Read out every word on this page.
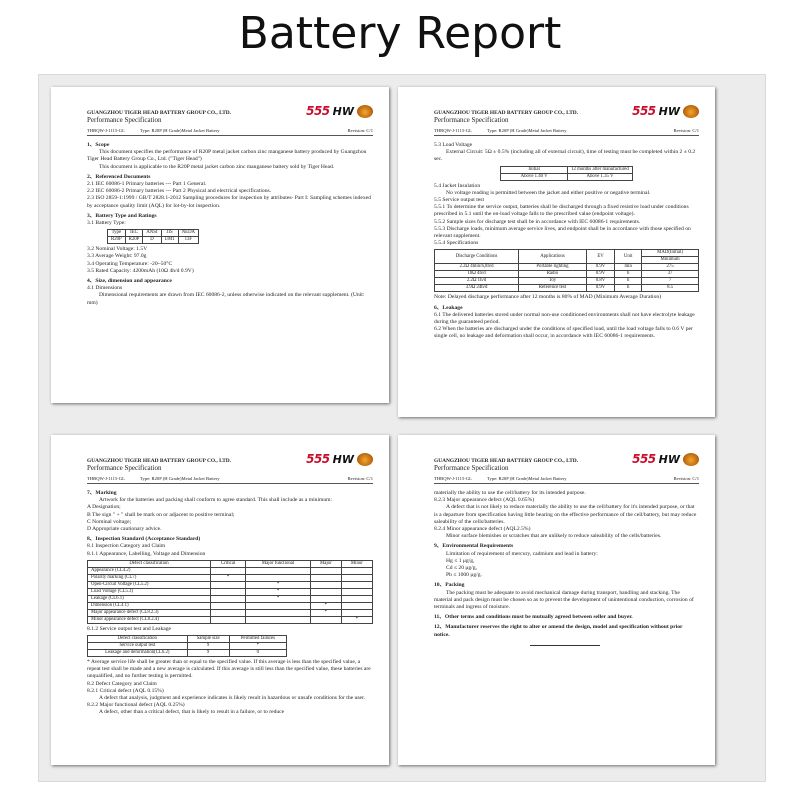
Battery Report
GUANGZHOU TIGER HEAD BATTERY GROUP CO., LTD.
Performance Specification
THBQW-J-1115-GL	Type: R20P (H Grade)Metal Jacket Battery	Revision: C/1
555 HW

1、Scope

This document specifies the performance of R20P metal jacket carbon zinc manganese battery produced by Guangzhou Tiger Head Battery Group Co., Ltd. ("Tiger Head")

This document is applicable to the R20P metal jacket carbon zinc manganese battery sold by Tiger Head.

2、Referenced Documents

2.1 IEC 60086-1 Primary batteries --- Part 1 General.

2.2 IEC 60086-2 Primary batteries --- Part 2 Physical and electrical specifications.

2.3 ISO 2859-1:1999 / GB/T 2828.1-2012 Sampling procedures for inspection by attributes- Part I: Sampling schemes indexed by acceptance quality limit (AQL) for lot-by-lot inspection.

3、Battery Type and Ratings

3.1 Battery Type:

Type	IEC	ANSI	JIS	NEDA
R20P	R20P	D	UM1	13F

3.2 Nominal Voltage: 1.5V

3.3 Average Weight: 97.0g

3.4 Operating Temperature: -20~50°C

3.5 Rated Capacity: 4200mAh (10Ω 4h/d 0.9V)

4、Size, dimension and appearance

4.1 Dimensions

Dimensional requirements are drawn from IEC 60086-2, unless otherwise indicated on the relevant supplement. (Unit: mm)

GUANGZHOU TIGER HEAD BATTERY GROUP CO., LTD.
Performance Specification
THBQW-J-1115-GL	Type: R20P (H Grade)Metal Jacket Battery	Revision: C/1
555 HW

5.3 Load Voltage

External Circuit: 5Ω ± 0.5% (including all of external circuit), time of testing must be completed within 2 ± 0.2 sec.

Initial	12 months after manufactured
Above 1.40 V	Above 1.35 V

5.4 Jacket Insulation

No voltage reading is permitted between the jacket and either positive or negative terminal.

5.5 Service output test

5.5.1 To determine the service output, batteries shall be discharged through a fixed resistive load under conditions prescribed in 5.1 until the on-load voltage falls to the prescribed value (endpoint voltage).

5.5.2 Sample sizes for discharge test shall be in accordance with IEC 60086-1 requirements.

5.5.3 Discharge loads, minimum average service lives, and endpoint shall be in accordance with those specified on relevant supplement.

5.5.4 Specifications

Discharge Conditions	Applications	EV	Unit	MAD(Initial)
				Minimum
2.2Ω 4min/h,8h/d	Portable lighting	0.9V	min	275
10Ω 4h/d	Radio	0.9V	h	37
2.2Ω 1h/d	Toy	0.8V	h	7
3.9Ω 24h/d	Reference test	0.9V	h	8.5

Note: Delayed discharge performance after 12 months is 80% of MAD (Minimum Average Duration)

6、Leakage

6.1 The delivered batteries stored under normal non-use conditioned environments shall not have electrolyte leakage during the guaranteed period.

6.2 When the batteries are discharged under the conditions of specified load, until the load voltage falls to 0.6 V per single cell, no leakage and deformation shall occur, in accordance with IEC 60086-1 requirements.

GUANGZHOU TIGER HEAD BATTERY GROUP CO., LTD.
Performance Specification
THBQW-J-1115-GL	Type: R20P (H Grade)Metal Jacket Battery	Revision: C/1
555 HW

7、Marking

Artwork for the batteries and packing shall conform to agree standard. This shall include as a minimum:

A Designation;

B The sign " + " shall be mark on or adjacent to positive terminal;

C Nominal voltage;

D Appropriate cautionary advice.

8、Inspection Standard (Acceptance Standard)

8.1 Inspection Category and Claim

8.1.1 Appearance, Labelling, Voltage and Dimension

Defect classification	Critical	Major functional	Major	Minor
Appearance (CL4.2)				
Polarity marking (CL7)	*			
Open-Circuit Voltage (CL5.2)		*		
Load Voltage (CL5.3)		*		
Leakage (CL6.1)		*		
Dimension (CL4.1)			*	
Major appearance defect (CL8.2.3)			*	
Minor appearance defect (CL8.2.4)				*

8.1.2 Service output test and Leakage

Defect classification	Sample size	Permitted failures
Service output test	9	*
Leakage and deformation(CL6.2)	9	0

* Average service life shall be greater than or equal to the specified value. If this average is less than the specified value, a repeat test shall be made and a new average is calculated. If this average is still less than the specified value, these batteries are unqualified, and no further testing is permitted.

8.2 Defect Category and Claim

8.2.1 Critical defect (AQL 0.15%)

A defect that analysis, judgment and experience indicates is likely result in hazardous or unsafe conditions for the user.

8.2.2 Major functional defect (AQL 0.25%)

A defect, other than a critical defect, that is likely to result in a failure, or to reduce

GUANGZHOU TIGER HEAD BATTERY GROUP CO., LTD.
Performance Specification
THBQW-J-1115-GL	Type: R20P (H Grade)Metal Jacket Battery	Revision: C/1
555 HW

materially the ability to use the cell/battery for its intended purpose.

8.2.3 Major appearance defect (AQL 0.65%)

A defect that is not likely to reduce materially the ability to use the cell/battery for it's intended purpose, or that is a departure from specification having little bearing on the effective performance of the cell/battery, but may reduce saleability of the cells/batteries.

8.2.4 Minor appearance defect (AQL2.5%)

Minor surface blemishes or scratches that are unlikely to reduce saleability of the cells/batteries.

9、Environmental Requirements

Limitation of requirement of mercury, cadmium and lead in battery:

Hg ≤ 1 μg/g,

Cd ≤ 20 μg/g,

Pb ≤ 1000 μg/g.

10、Packing

The packing must be adequate to avoid mechanical damage during transport, handling and stacking. The material and pack design must be chosen so as to prevent the development of unintentional conduction, corrosion of terminals and ingress of moisture.

11、Other terms and conditions must be mutually agreed between seller and buyer.

12、Manufacturer reserves the right to alter or amend the design, model and specification without prior notice.
